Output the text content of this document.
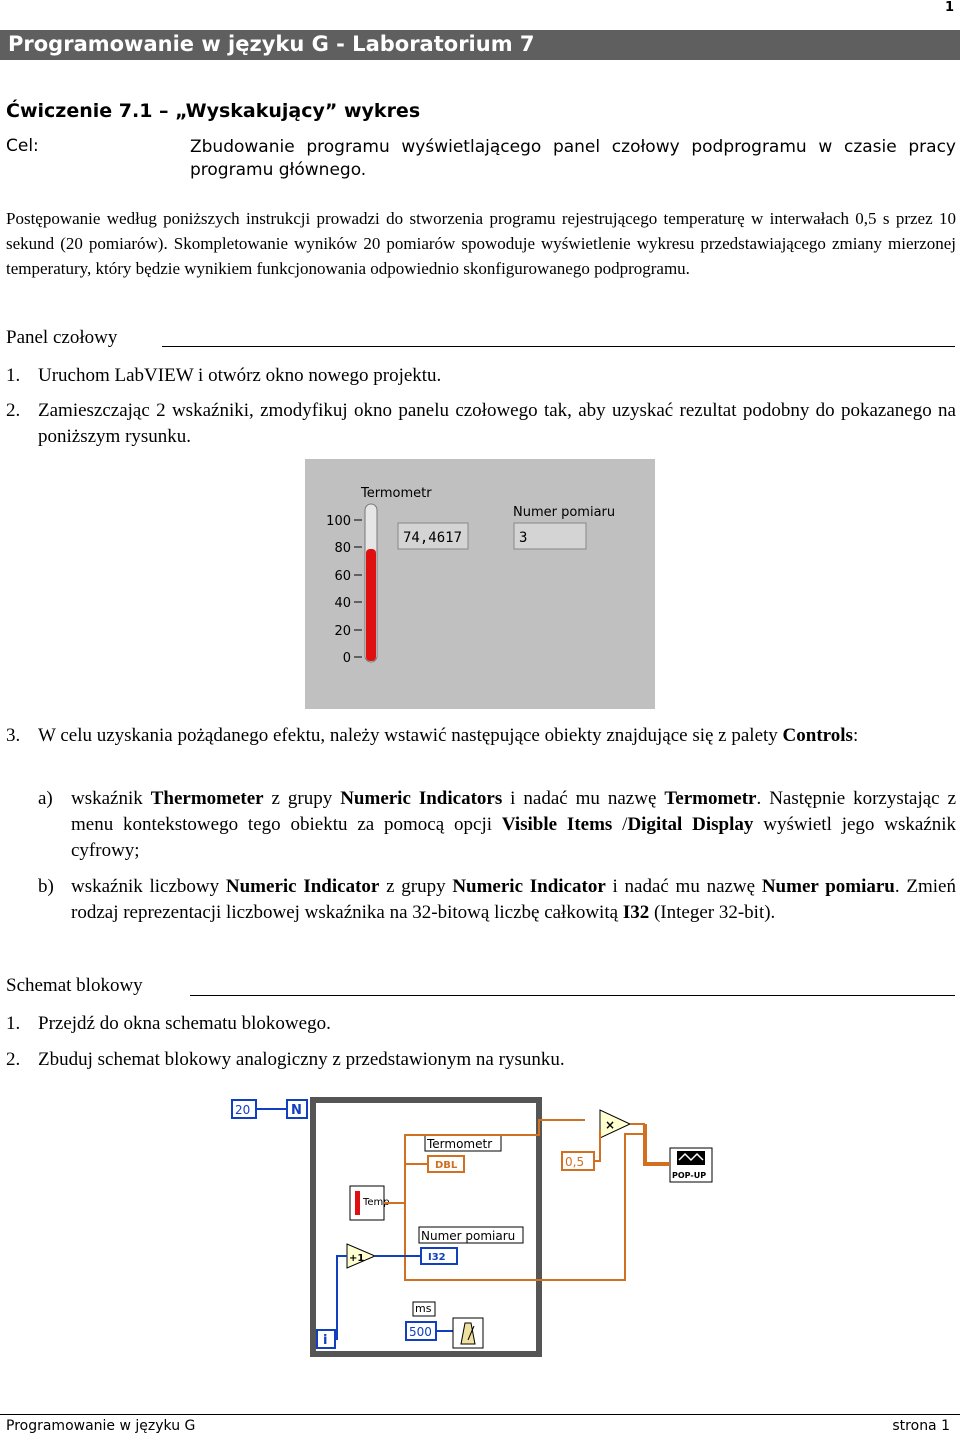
1
Programowanie w języku G - Laboratorium 7
Ćwiczenie 7.1 – „Wyskakujący” wykres
Cel:	Zbudowanie programu wyświetlającego panel czołowy podprogramu w czasie pracy programu głównego.
Postępowanie według poniższych instrukcji prowadzi do stworzenia programu rejestrującego temperaturę w interwałach 0,5 s przez 10 sekund (20 pomiarów). Skompletowanie wyników 20 pomiarów spowoduje wyświetlenie wykresu przedstawiającego zmiany mierzonej temperatury, który będzie wynikiem funkcjonowania odpowiednio skonfigurowanego podprogramu.
Panel czołowy
1. Uruchom LabVIEW i otwórz okno nowego projektu.
2. Zamieszczając 2 wskaźniki, zmodyfikuj okno panelu czołowego tak, aby uzyskać rezultat podobny do pokazanego na poniższym rysunku.
Termometr
100
80
60
40
20
0
74,4617
Numer pomiaru
3
3. W celu uzyskania pożądanego efektu, należy wstawić następujące obiekty znajdujące się z palety Controls:
a) wskaźnik Thermometer z grupy Numeric Indicators i nadać mu nazwę Termometr. Następnie korzystając z menu kontekstowego tego obiektu za pomocą opcji Visible Items /Digital Display wyświetl jego wskaźnik cyfrowy;
b) wskaźnik liczbowy Numeric Indicator z grupy Numeric Indicator i nadać mu nazwę Numer pomiaru. Zmień rodzaj reprezentacji liczbowej wskaźnika na 32-bitową liczbę całkowitą I32 (Integer 32-bit).
Schemat blokowy
1. Przejdź do okna schematu blokowego.
2. Zbuduj schemat blokowy analogiczny z przedstawionym na rysunku.
20	N
i
Temp
Termometr
DBL
×
0,5
POP-UP
+1
Numer pomiaru
I32
ms
500
Programowanie w języku G	strona 1
